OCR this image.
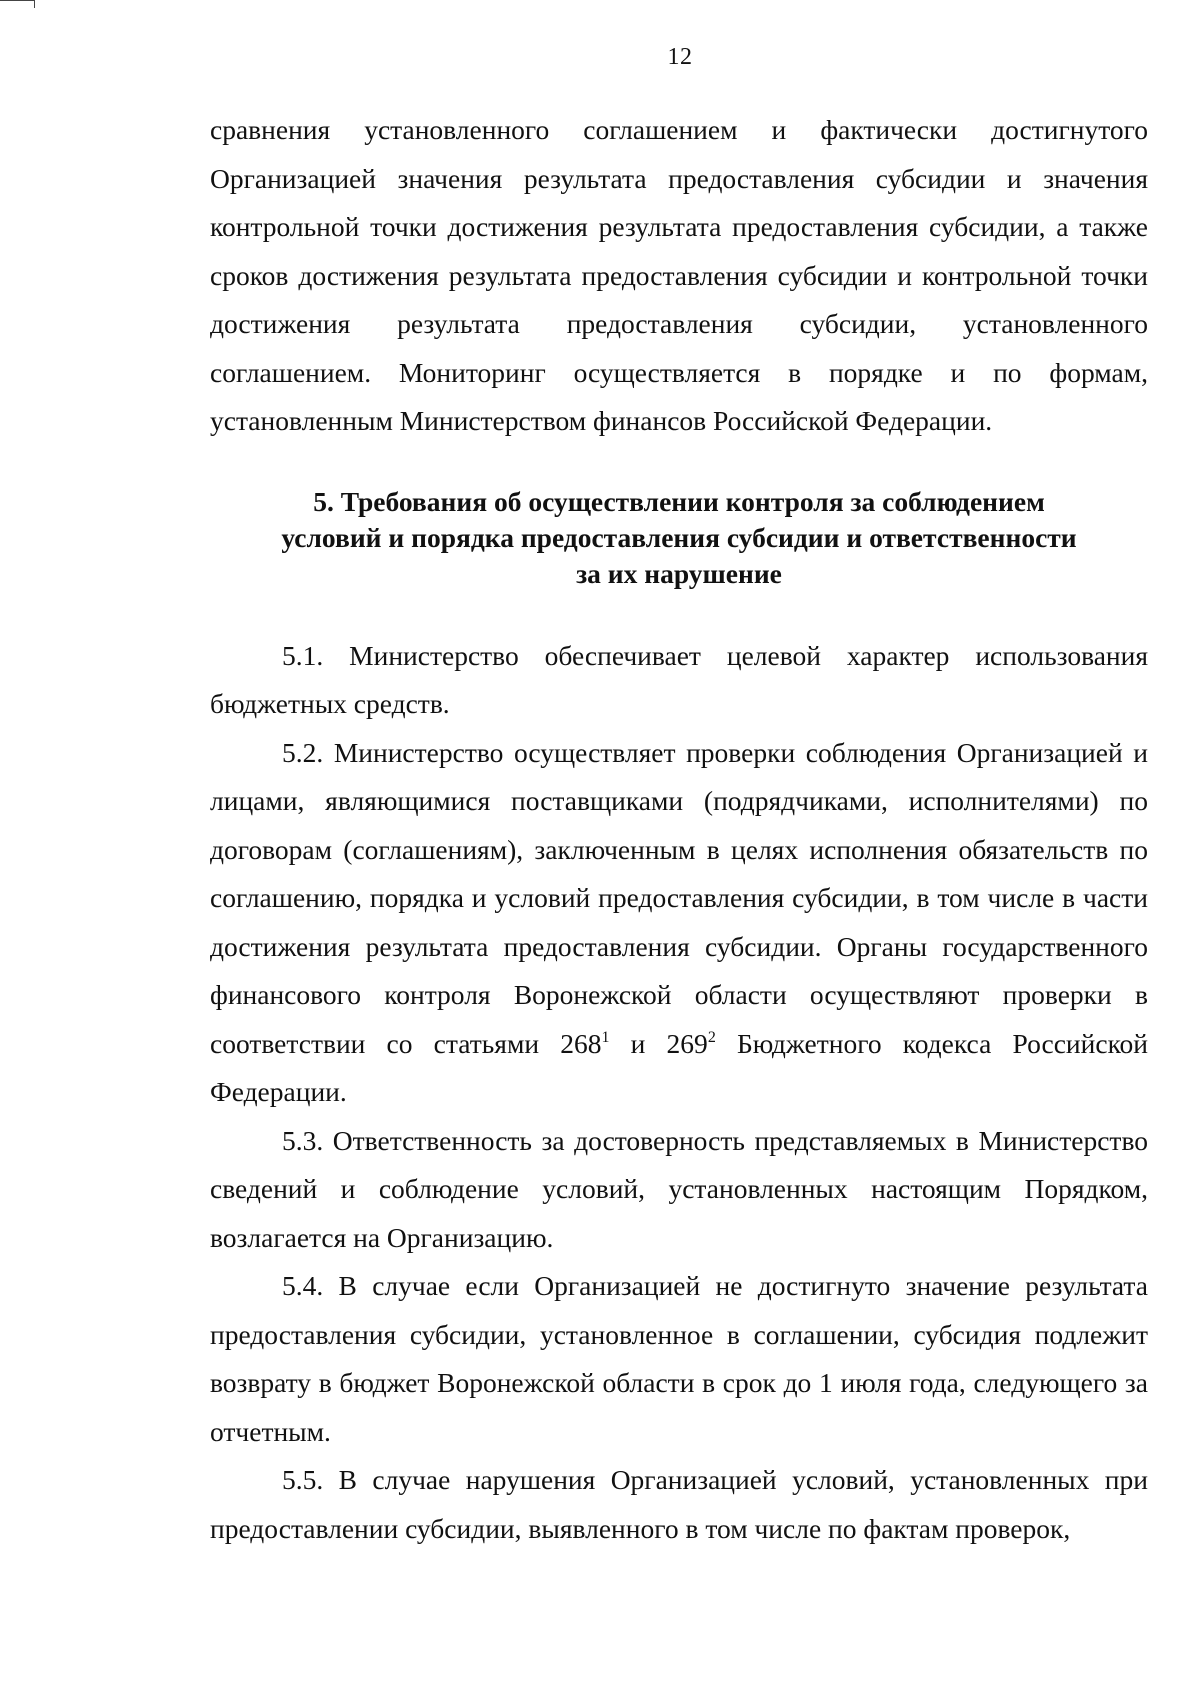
12

сравнения установленного соглашением и фактически достигнутого Организацией значения результата предоставления субсидии и значения контрольной точки достижения результата предоставления субсидии, а также сроков достижения результата предоставления субсидии и контрольной точки достижения результата предоставления субсидии, установленного соглашением. Мониторинг осуществляется в порядке и по формам, установленным Министерством финансов Российской Федерации.

5. Требования об осуществлении контроля за соблюдением
условий и порядка предоставления субсидии и ответственности
за их нарушение

5.1. Министерство обеспечивает целевой характер использования бюджетных средств.

5.2. Министерство осуществляет проверки соблюдения Организацией и лицами, являющимися поставщиками (подрядчиками, исполнителями) по договорам (соглашениям), заключенным в целях исполнения обязательств по соглашению, порядка и условий предоставления субсидии, в том числе в части достижения результата предоставления субсидии. Органы государственного финансового контроля Воронежской области осуществляют проверки в соответствии со статьями $268^1$ и $269^2$ Бюджетного кодекса Российской Федерации.

5.3. Ответственность за достоверность представляемых в Министерство сведений и соблюдение условий, установленных настоящим Порядком, возлагается на Организацию.

5.4. В случае если Организацией не достигнуто значение результата предоставления субсидии, установленное в соглашении, субсидия подлежит возврату в бюджет Воронежской области в срок до 1 июля года, следующего за отчетным.

5.5. В случае нарушения Организацией условий, установленных при предоставлении субсидии, выявленного в том числе по фактам проверок,
